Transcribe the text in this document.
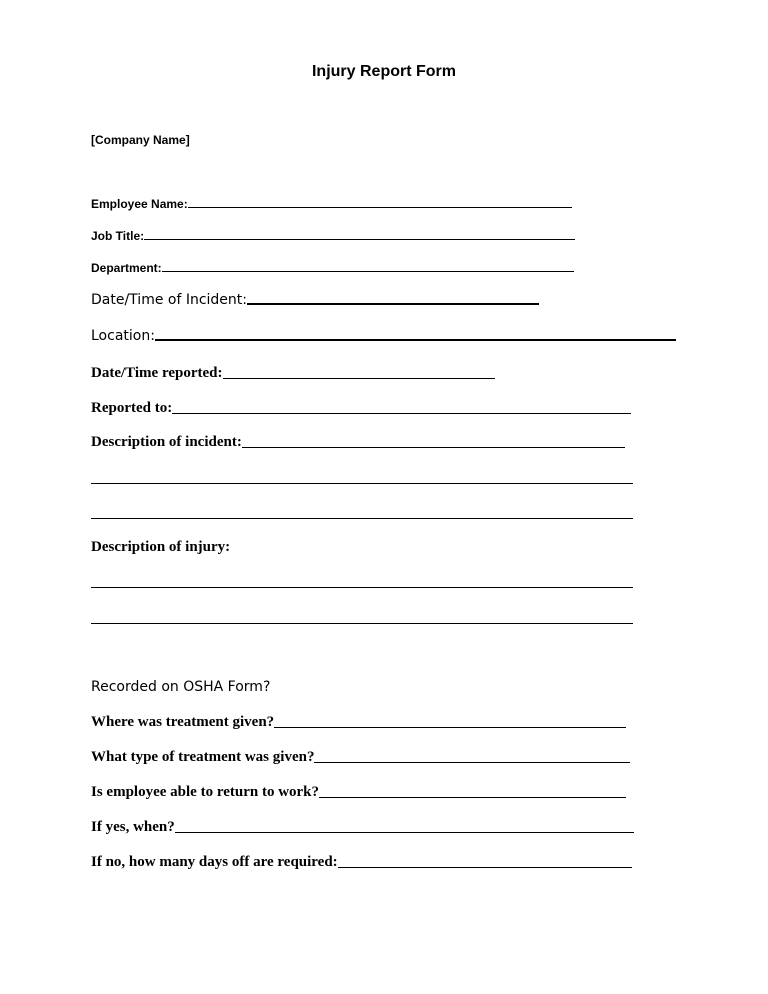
Injury Report Form
[Company Name]
Employee Name:
Job Title:
Department:
Date/Time of Incident:
Location:
Date/Time reported:
Reported to:
Description of incident:
Description of injury:
Recorded on OSHA Form?
Where was treatment given?
What type of treatment was given?
Is employee able to return to work?
If yes, when?
If no, how many days off are required:
